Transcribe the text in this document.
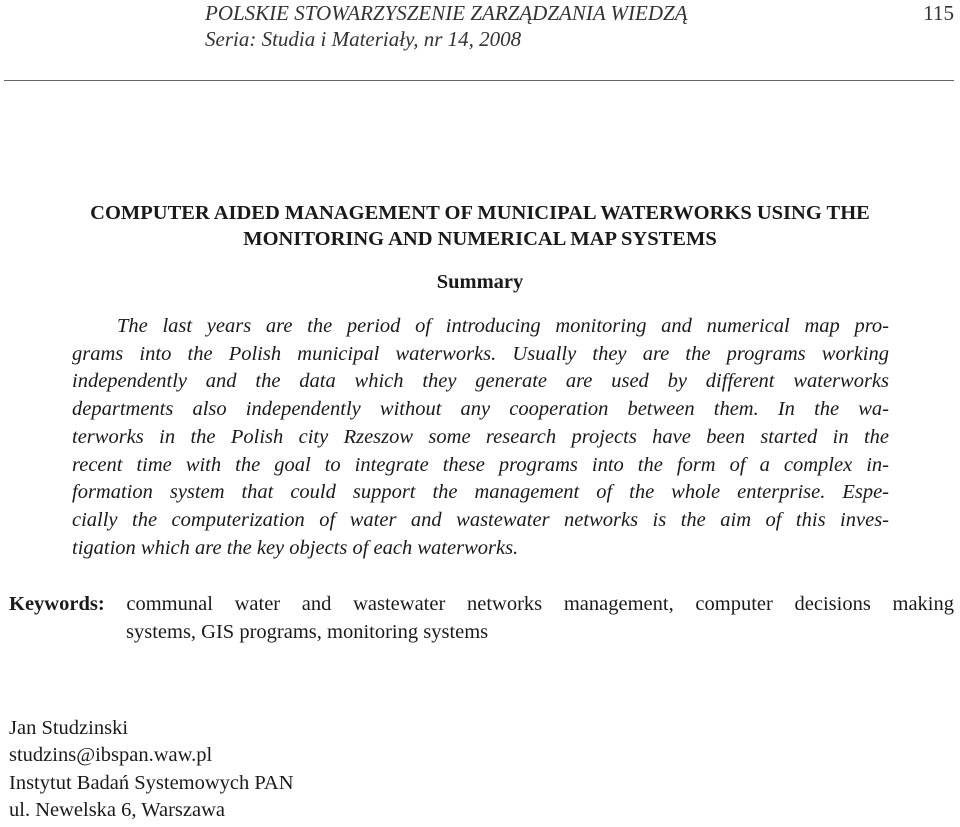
POLSKIE STOWARZYSZENIE ZARZĄDZANIA WIEDZĄ
Seria: Studia i Materiały, nr 14, 2008
115
COMPUTER AIDED MANAGEMENT OF MUNICIPAL WATERWORKS USING THE
MONITORING AND NUMERICAL MAP SYSTEMS
Summary
The last years are the period of introducing monitoring and numerical map pro-
grams into the Polish municipal waterworks. Usually they are the programs working
independently and the data which they generate are used by different waterworks
departments also independently without any cooperation between them. In the wa-
terworks in the Polish city Rzeszow some research projects have been started in the
recent time with the goal to integrate these programs into the form of a complex in-
formation system that could support the management of the whole enterprise. Espe-
cially the computerization of water and wastewater networks is the aim of this inves-
tigation which are the key objects of each waterworks.
Keywords: communal water and wastewater networks management, computer decisions making
systems, GIS programs, monitoring systems
Jan Studzinski
studzins@ibspan.waw.pl
Instytut Badań Systemowych PAN
ul. Newelska 6, Warszawa
